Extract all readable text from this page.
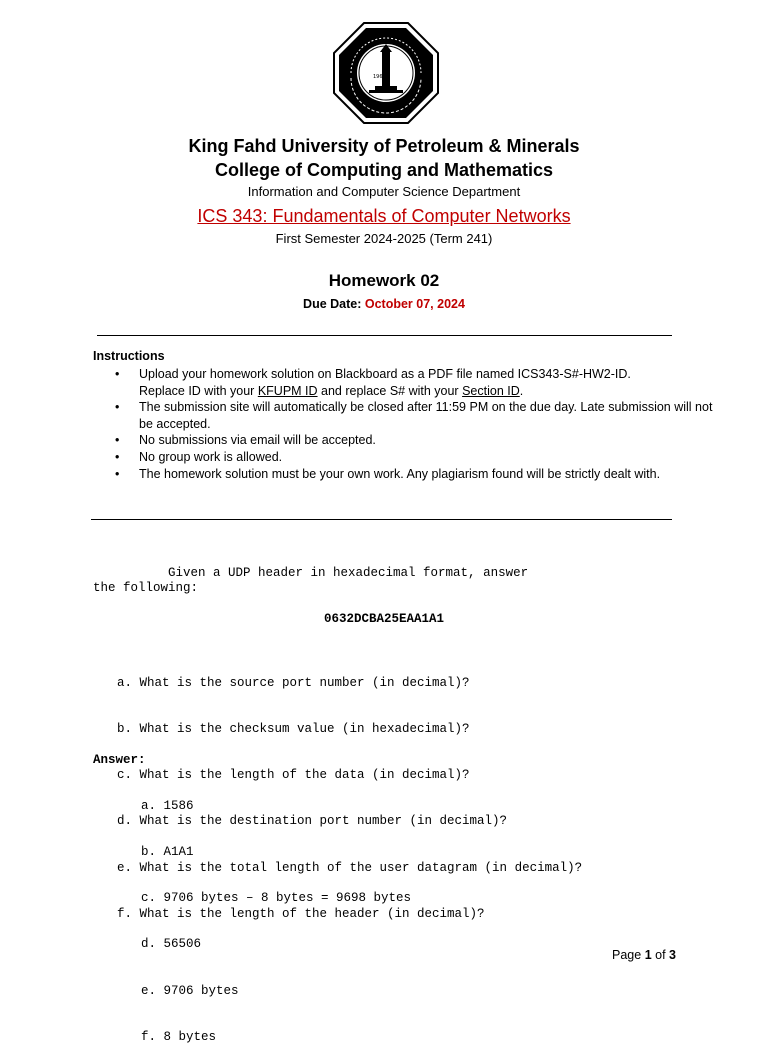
1963
King Fahd University of Petroleum & Minerals
College of Computing and Mathematics
Information and Computer Science Department
ICS 343: Fundamentals of Computer Networks
First Semester 2024-2025 (Term 241)
Homework 02
Due Date: October 07, 2024
Instructions
• Upload your homework solution on Blackboard as a PDF file named ICS343-S#-HW2-ID.
Replace ID with your KFUPM ID and replace S# with your Section ID.
• The submission site will automatically be closed after 11:59 PM on the due day. Late submission will not be accepted.
• No submissions via email will be accepted.
• No group work is allowed.
• The homework solution must be your own work. Any plagiarism found will be strictly dealt with.
Given a UDP header in hexadecimal format, answer
the following:
0632DCBA25EAA1A1

a. What is the source port number (in decimal)?

b. What is the checksum value (in hexadecimal)?

c. What is the length of the data (in decimal)?

d. What is the destination port number (in decimal)?

e. What is the total length of the user datagram (in decimal)?

f. What is the length of the header (in decimal)?

Answer:

a. 1586

b. A1A1

c. 9706 bytes – 8 bytes = 9698 bytes

d. 56506

e. 9706 bytes

f. 8 bytes

Page 1 of 3
